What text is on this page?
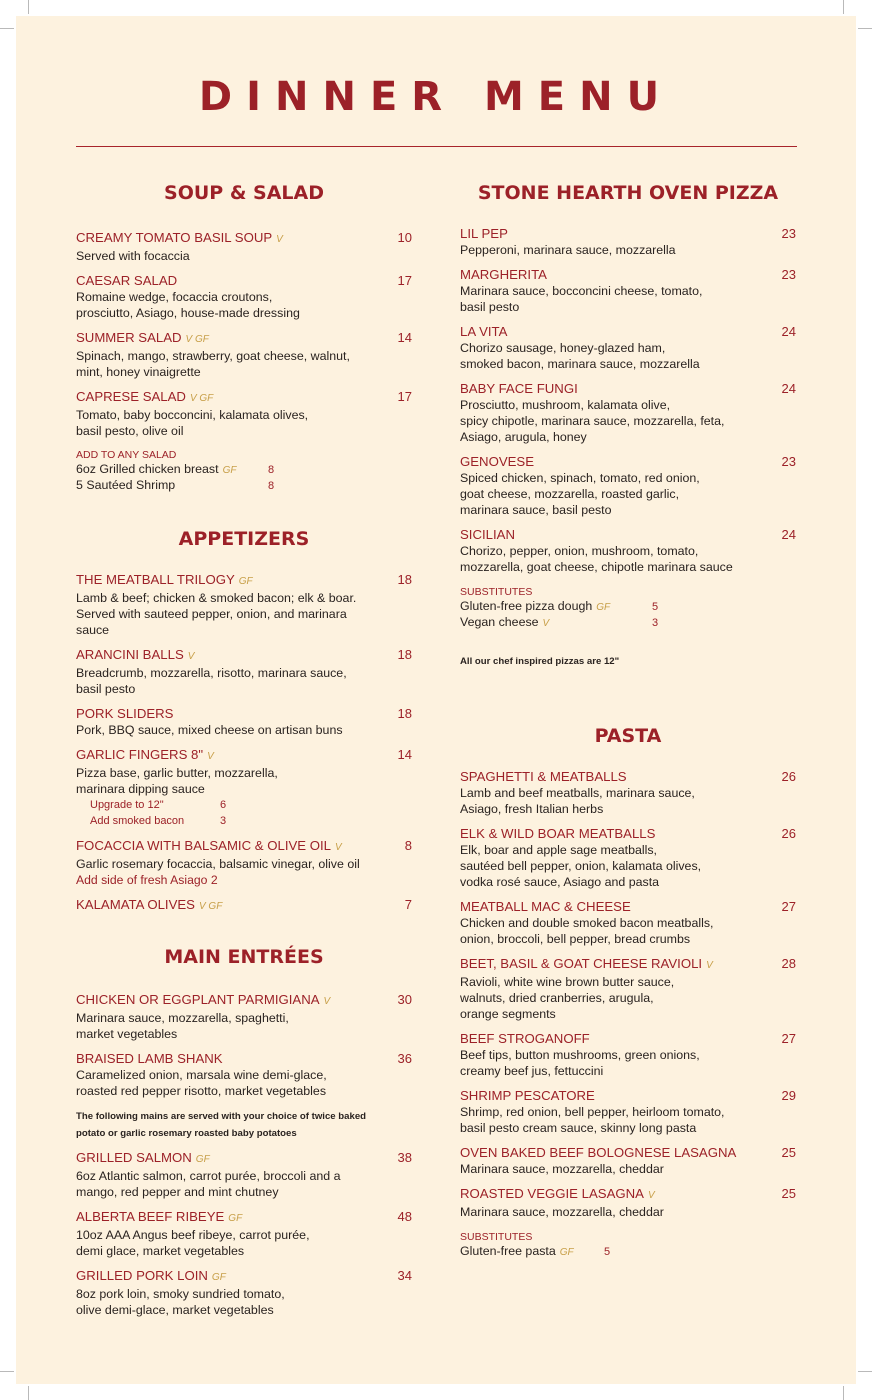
DINNER MENU
SOUP & SALAD
CREAMY TOMATO BASIL SOUP V	10
Served with focaccia
CAESAR SALAD	17
Romaine wedge, focaccia croutons,
prosciutto, Asiago, house-made dressing
SUMMER SALAD V GF	14
Spinach, mango, strawberry, goat cheese, walnut,
mint, honey vinaigrette
CAPRESE SALAD V GF	17
Tomato, baby bocconcini, kalamata olives,
basil pesto, olive oil
ADD TO ANY SALAD
6oz Grilled chicken breast GF	8
5 Sautéed Shrimp	8
APPETIZERS
THE MEATBALL TRILOGY GF	18
Lamb & beef; chicken & smoked bacon; elk & boar.
Served with sauteed pepper, onion, and marinara
sauce
ARANCINI BALLS V	18
Breadcrumb, mozzarella, risotto, marinara sauce,
basil pesto
PORK SLIDERS	18
Pork, BBQ sauce, mixed cheese on artisan buns
GARLIC FINGERS 8" V	14
Pizza base, garlic butter, mozzarella,
marinara dipping sauce
Upgrade to 12"	6
Add smoked bacon	3
FOCACCIA WITH BALSAMIC & OLIVE OIL V	8
Garlic rosemary focaccia, balsamic vinegar, olive oil
Add side of fresh Asiago 2
KALAMATA OLIVES V GF	7
MAIN ENTRÉES
CHICKEN OR EGGPLANT PARMIGIANA V	30
Marinara sauce, mozzarella, spaghetti,
market vegetables
BRAISED LAMB SHANK	36
Caramelized onion, marsala wine demi-glace,
roasted red pepper risotto, market vegetables
The following mains are served with your choice of twice baked
potato or garlic rosemary roasted baby potatoes
GRILLED SALMON GF	38
6oz Atlantic salmon, carrot purée, broccoli and a
mango, red pepper and mint chutney
ALBERTA BEEF RIBEYE GF	48
10oz AAA Angus beef ribeye, carrot purée,
demi glace, market vegetables
GRILLED PORK LOIN GF	34
8oz pork loin, smoky sundried tomato,
olive demi-glace, market vegetables
STONE HEARTH OVEN PIZZA
LIL PEP	23
Pepperoni, marinara sauce, mozzarella
MARGHERITA	23
Marinara sauce, bocconcini cheese, tomato,
basil pesto
LA VITA	24
Chorizo sausage, honey-glazed ham,
smoked bacon, marinara sauce, mozzarella
BABY FACE FUNGI	24
Prosciutto, mushroom, kalamata olive,
spicy chipotle, marinara sauce, mozzarella, feta,
Asiago, arugula, honey
GENOVESE	23
Spiced chicken, spinach, tomato, red onion,
goat cheese, mozzarella, roasted garlic,
marinara sauce, basil pesto
SICILIAN	24
Chorizo, pepper, onion, mushroom, tomato,
mozzarella, goat cheese, chipotle marinara sauce
SUBSTITUTES
Gluten-free pizza dough GF	5
Vegan cheese V	3
All our chef inspired pizzas are 12"
PASTA
SPAGHETTI & MEATBALLS	26
Lamb and beef meatballs, marinara sauce,
Asiago, fresh Italian herbs
ELK & WILD BOAR MEATBALLS	26
Elk, boar and apple sage meatballs,
sautéed bell pepper, onion, kalamata olives,
vodka rosé sauce, Asiago and pasta
MEATBALL MAC & CHEESE	27
Chicken and double smoked bacon meatballs,
onion, broccoli, bell pepper, bread crumbs
BEET, BASIL & GOAT CHEESE RAVIOLI V	28
Ravioli, white wine brown butter sauce,
walnuts, dried cranberries, arugula,
orange segments
BEEF STROGANOFF	27
Beef tips, button mushrooms, green onions,
creamy beef jus, fettuccini
SHRIMP PESCATORE	29
Shrimp, red onion, bell pepper, heirloom tomato,
basil pesto cream sauce, skinny long pasta
OVEN BAKED BEEF BOLOGNESE LASAGNA	25
Marinara sauce, mozzarella, cheddar
ROASTED VEGGIE LASAGNA V	25
Marinara sauce, mozzarella, cheddar
SUBSTITUTES
Gluten-free pasta GF	5
